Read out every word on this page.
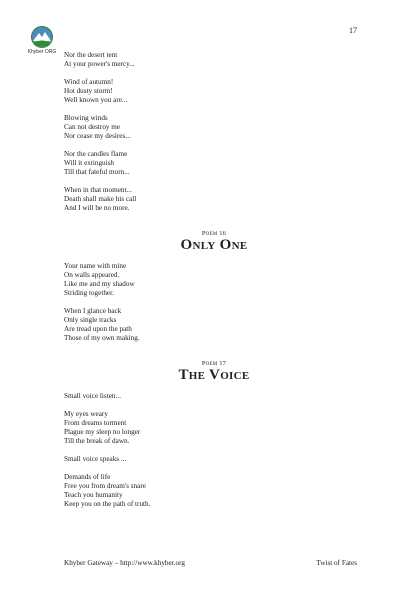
17
Khyber ORG	Nor the desert tent
At your power's mercy...
Wind of autumn!
Hot dusty storm!
Well known you are...
Blowing winds
Can not destroy me
Nor cease my desires...
Nor the candles flame
Will it extinguish
Till that fateful morn...
When in that moment...
Death shall make his call
And I will be no more.
Poem 16
Only One
Your name with mine
On walls appeared.
Like me and my shadow
Striding together.
When I glance back
Only single tracks
Are tread upon the path
Those of my own making.
Poem 17
The Voice
Small voice listen...
My eyes weary
From dreams torment
Plague my sleep no longer
Till the break of dawn.
Small voice speaks ...
Demands of life
Free you from dream's snare
Teach you humanity
Keep you on the path of truth.
Khyber Gateway – http://www.khyber.org	Twist of Fates
